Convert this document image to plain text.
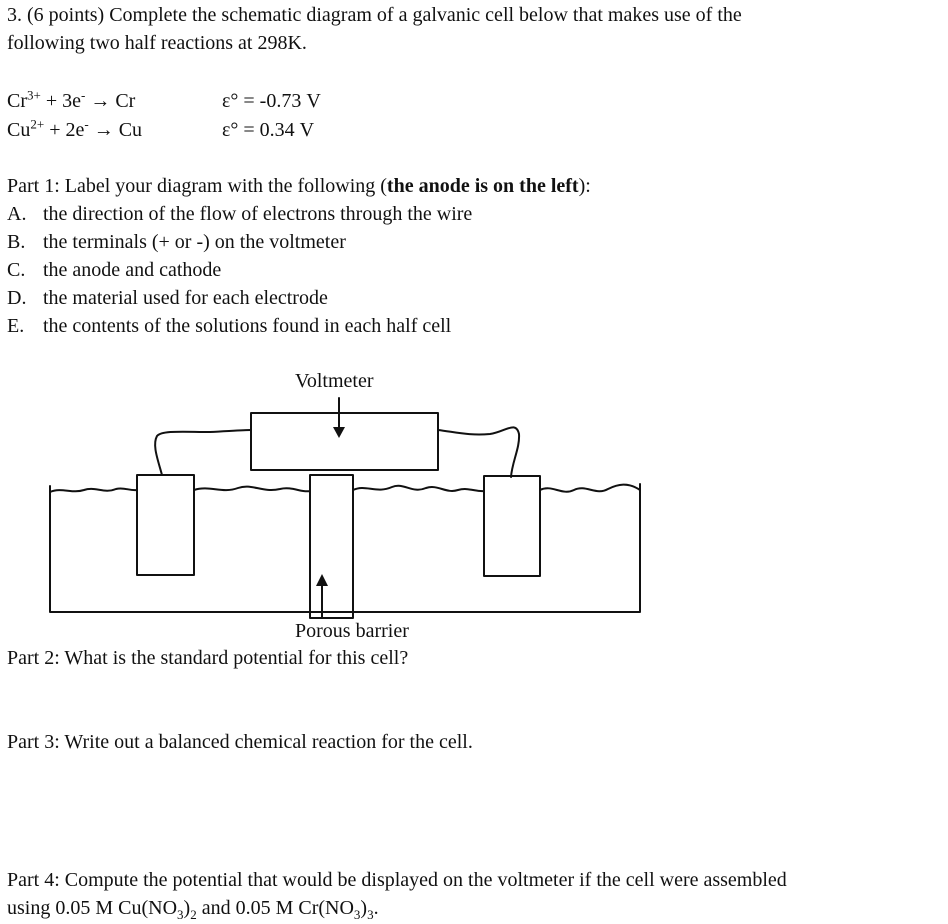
3. (6 points) Complete the schematic diagram of a galvanic cell below that makes use of the
following two half reactions at 298K.
$Cr^{3+} + 3e^- \to Cr$	ε° = -0.73 V
$Cu^{2+} + 2e^- \to Cu$	ε° = 0.34 V
Part 1: Label your diagram with the following (the anode is on the left):
A. the direction of the flow of electrons through the wire
B. the terminals (+ or -) on the voltmeter
C. the anode and cathode
D. the material used for each electrode
E. the contents of the solutions found in each half cell
Voltmeter
Porous barrier
Part 2: What is the standard potential for this cell?
Part 3: Write out a balanced chemical reaction for the cell.
Part 4: Compute the potential that would be displayed on the voltmeter if the cell were assembled
using 0.05 M $Cu(NO_3)_2$ and 0.05 M $Cr(NO_3)_3$.
